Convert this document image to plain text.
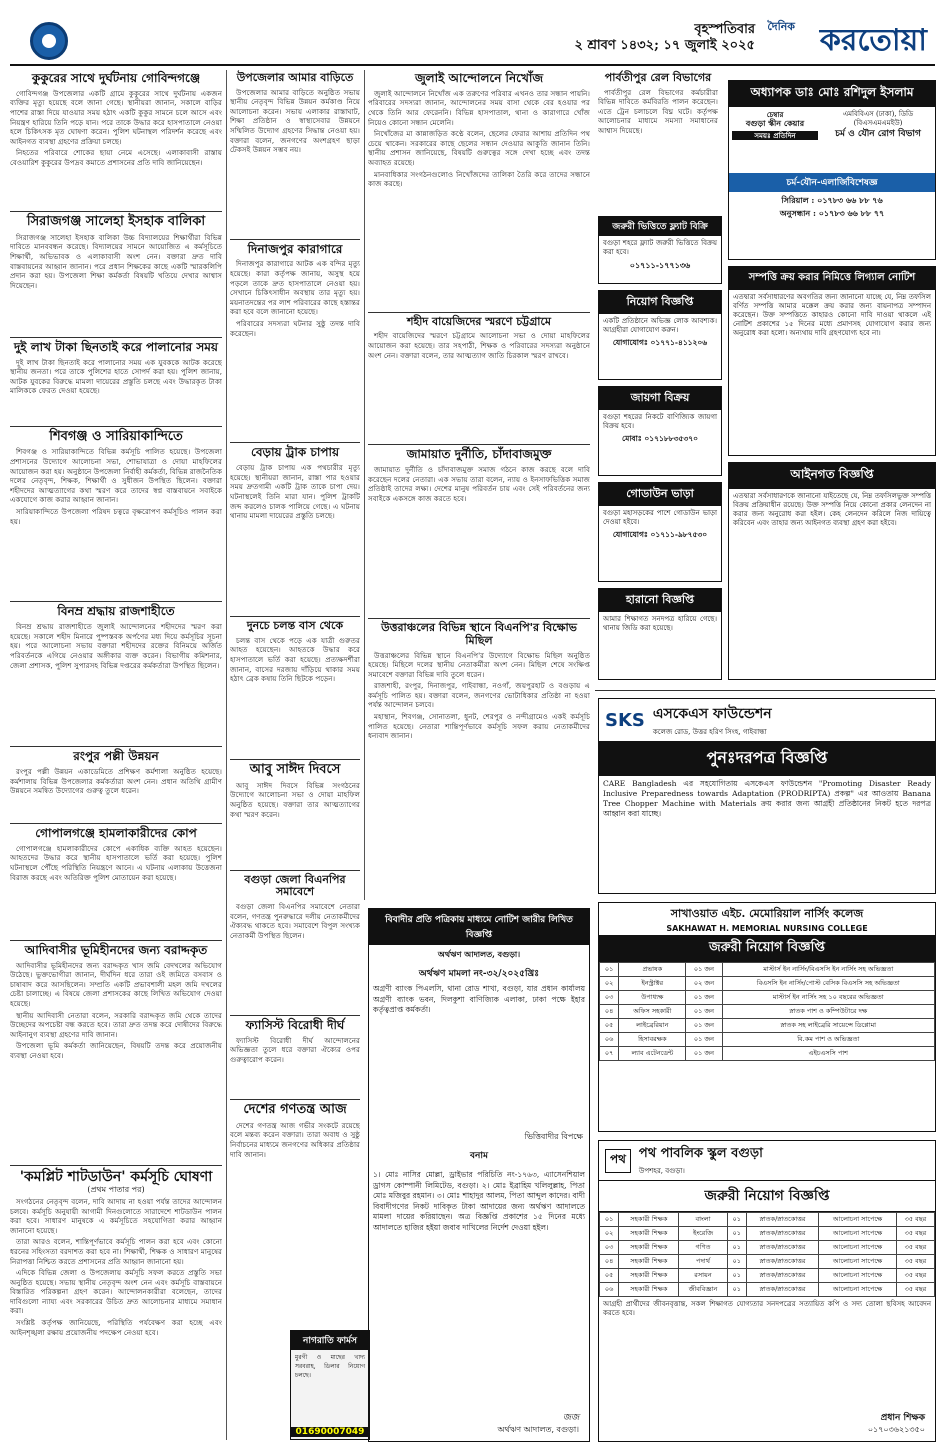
দৈনিক করতোয়া
বৃহস্পতিবার
২ শ্রাবণ ১৪৩২; ১৭ জুলাই ২০২৫
কুকুরের সাথে দুর্ঘটনায় গোবিন্দগঞ্জে

গোবিন্দগঞ্জ উপজেলার একটি গ্রামে কুকুরের সাথে দুর্ঘটনায় একজন ব্যক্তির মৃত্যু হয়েছে বলে জানা গেছে। স্থানীয়রা জানান, সকালে বাড়ির পাশের রাস্তা দিয়ে যাওয়ার সময় হঠাৎ একটি কুকুর সামনে চলে আসে এবং নিয়ন্ত্রণ হারিয়ে তিনি পড়ে যান। পরে তাকে উদ্ধার করে হাসপাতালে নেওয়া হলে চিকিৎসক মৃত ঘোষণা করেন। পুলিশ ঘটনাস্থল পরিদর্শন করেছে এবং আইনগত ব্যবস্থা গ্রহণের প্রক্রিয়া চলছে।

নিহতের পরিবারে শোকের ছায়া নেমে এসেছে। এলাকাবাসী রাস্তায় বেওয়ারিশ কুকুরের উপদ্রব কমাতে প্রশাসনের প্রতি দাবি জানিয়েছেন।

সিরাজগঞ্জ সালেহা ইসহাক বালিকা

সিরাজগঞ্জ সালেহা ইসহাক বালিকা উচ্চ বিদ্যালয়ের শিক্ষার্থীরা বিভিন্ন দাবিতে মানববন্ধন করেছে। বিদ্যালয়ের সামনে আয়োজিত এ কর্মসূচিতে শিক্ষার্থী, অভিভাবক ও এলাকাবাসী অংশ নেন। বক্তারা দ্রুত দাবি বাস্তবায়নের আহ্বান জানান। পরে প্রধান শিক্ষকের কাছে একটি স্মারকলিপি প্রদান করা হয়। উপজেলা শিক্ষা কর্মকর্তা বিষয়টি খতিয়ে দেখার আশ্বাস দিয়েছেন।

দুই লাখ টাকা ছিনতাই করে পালানোর সময়

দুই লাখ টাকা ছিনতাই করে পালানোর সময় এক যুবককে আটক করেছে স্থানীয় জনতা। পরে তাকে পুলিশের হাতে সোপর্দ করা হয়। পুলিশ জানায়, আটক যুবকের বিরুদ্ধে মামলা দায়েরের প্রস্তুতি চলছে এবং উদ্ধারকৃত টাকা মালিককে ফেরত দেওয়া হয়েছে।

শিবগঞ্জ ও সারিয়াকান্দিতে

শিবগঞ্জ ও সারিয়াকান্দিতে বিভিন্ন কর্মসূচি পালিত হয়েছে। উপজেলা প্রশাসনের উদ্যোগে আলোচনা সভা, শোভাযাত্রা ও দোয়া মাহফিলের আয়োজন করা হয়। অনুষ্ঠানে উপজেলা নির্বাহী কর্মকর্তা, বিভিন্ন রাজনৈতিক দলের নেতৃবৃন্দ, শিক্ষক, শিক্ষার্থী ও সুধীজন উপস্থিত ছিলেন। বক্তারা শহীদদের আত্মত্যাগের কথা স্মরণ করে তাদের স্বপ্ন বাস্তবায়নে সবাইকে একযোগে কাজ করার আহ্বান জানান।

সারিয়াকান্দিতে উপজেলা পরিষদ চত্বরে বৃক্ষরোপণ কর্মসূচিও পালন করা হয়।

বিনম্র শ্রদ্ধায় রাজশাহীতে

বিনম্র শ্রদ্ধায় রাজশাহীতে জুলাই আন্দোলনের শহীদদের স্মরণ করা হয়েছে। সকালে শহীদ মিনারে পুষ্পস্তবক অর্পণের মধ্য দিয়ে কর্মসূচির সূচনা হয়। পরে আলোচনা সভায় বক্তারা শহীদদের রক্তের বিনিময়ে অর্জিত পরিবর্তনকে এগিয়ে নেওয়ার অঙ্গীকার ব্যক্ত করেন। বিভাগীয় কমিশনার, জেলা প্রশাসক, পুলিশ সুপারসহ বিভিন্ন দপ্তরের কর্মকর্তারা উপস্থিত ছিলেন।

রংপুর পল্লী উন্নয়ন

রংপুর পল্লী উন্নয়ন একাডেমিতে প্রশিক্ষণ কর্মশালা অনুষ্ঠিত হয়েছে। কর্মশালায় বিভিন্ন উপজেলার কর্মকর্তারা অংশ নেন। প্রধান অতিথি গ্রামীণ উন্নয়নে সমন্বিত উদ্যোগের গুরুত্ব তুলে ধরেন।

গোপালগঞ্জে হামলাকারীদের কোপ

গোপালগঞ্জে হামলাকারীদের কোপে একাধিক ব্যক্তি আহত হয়েছেন। আহতদের উদ্ধার করে স্থানীয় হাসপাতালে ভর্তি করা হয়েছে। পুলিশ ঘটনাস্থলে পৌঁছে পরিস্থিতি নিয়ন্ত্রণে আনে। এ ঘটনায় এলাকায় উত্তেজনা বিরাজ করছে এবং অতিরিক্ত পুলিশ মোতায়েন করা হয়েছে।

আদিবাসীর ভূমিহীনদের জন্য বরাদ্দকৃত

আদিবাসীর ভূমিহীনদের জন্য বরাদ্দকৃত খাস জমি বেদখলের অভিযোগ উঠেছে। ভুক্তভোগীরা জানান, দীর্ঘদিন ধরে তারা ওই জমিতে বসবাস ও চাষাবাদ করে আসছিলেন। সম্প্রতি একটি প্রভাবশালী মহল জমি দখলের চেষ্টা চালাচ্ছে। এ বিষয়ে জেলা প্রশাসকের কাছে লিখিত অভিযোগ দেওয়া হয়েছে।

স্থানীয় আদিবাসী নেতারা বলেন, সরকারি বরাদ্দকৃত জমি থেকে তাদের উচ্ছেদের অপচেষ্টা বন্ধ করতে হবে। তারা দ্রুত তদন্ত করে দোষীদের বিরুদ্ধে আইনানুগ ব্যবস্থা গ্রহণের দাবি জানান।

উপজেলা ভূমি কর্মকর্তা জানিয়েছেন, বিষয়টি তদন্ত করে প্রয়োজনীয় ব্যবস্থা নেওয়া হবে।

'কমপ্লিট শাটডাউন' কর্মসূচি ঘোষণা
(প্রথম পাতার পর)

সংগঠনের নেতৃবৃন্দ বলেন, দাবি আদায় না হওয়া পর্যন্ত তাদের আন্দোলন চলবে। কর্মসূচি অনুযায়ী আগামী দিনগুলোতে সারাদেশে শাটডাউন পালন করা হবে। সাধারণ মানুষকে এ কর্মসূচিতে সহযোগিতা করার আহ্বান জানানো হয়েছে।

তারা আরও বলেন, শান্তিপূর্ণভাবে কর্মসূচি পালন করা হবে এবং কোনো ধরনের সহিংসতা বরদাশত করা হবে না। শিক্ষার্থী, শিক্ষক ও সাধারণ মানুষের নিরাপত্তা নিশ্চিত করতে প্রশাসনের প্রতি আহ্বান জানানো হয়।

এদিকে বিভিন্ন জেলা ও উপজেলায় কর্মসূচি সফল করতে প্রস্তুতি সভা অনুষ্ঠিত হয়েছে। সভায় স্থানীয় নেতৃবৃন্দ অংশ নেন এবং কর্মসূচি বাস্তবায়নে বিস্তারিত পরিকল্পনা গ্রহণ করেন। আন্দোলনকারীরা বলেছেন, তাদের দাবিগুলো ন্যায্য এবং সরকারের উচিত দ্রুত আলোচনার মাধ্যমে সমাধান করা।

সংশ্লিষ্ট কর্তৃপক্ষ জানিয়েছে, পরিস্থিতি পর্যবেক্ষণ করা হচ্ছে এবং আইনশৃঙ্খলা রক্ষায় প্রয়োজনীয় পদক্ষেপ নেওয়া হবে।

উপজেলার আমার বাড়িতে

উপজেলার আমার বাড়িতে অনুষ্ঠিত সভায় স্থানীয় নেতৃবৃন্দ বিভিন্ন উন্নয়ন কর্মকাণ্ড নিয়ে আলোচনা করেন। সভায় এলাকার রাস্তাঘাট, শিক্ষা প্রতিষ্ঠান ও স্বাস্থ্যসেবার উন্নয়নে সম্মিলিত উদ্যোগ গ্রহণের সিদ্ধান্ত নেওয়া হয়। বক্তারা বলেন, জনগণের অংশগ্রহণ ছাড়া টেকসই উন্নয়ন সম্ভব নয়।

দিনাজপুর কারাগারে

দিনাজপুর কারাগারে আটক এক বন্দির মৃত্যু হয়েছে। কারা কর্তৃপক্ষ জানায়, অসুস্থ হয়ে পড়লে তাকে দ্রুত হাসপাতালে নেওয়া হয়। সেখানে চিকিৎসাধীন অবস্থায় তার মৃত্যু হয়। ময়নাতদন্তের পর লাশ পরিবারের কাছে হস্তান্তর করা হবে বলে জানানো হয়েছে।

পরিবারের সদস্যরা ঘটনার সুষ্ঠু তদন্ত দাবি করেছেন।

বেড়ায় ট্রাক চাপায়

বেড়ায় ট্রাক চাপায় এক পথচারীর মৃত্যু হয়েছে। স্থানীয়রা জানান, রাস্তা পার হওয়ার সময় দ্রুতগামী একটি ট্রাক তাকে চাপা দেয়। ঘটনাস্থলেই তিনি মারা যান। পুলিশ ট্রাকটি জব্দ করলেও চালক পালিয়ে গেছে। এ ঘটনায় থানায় মামলা দায়েরের প্রস্তুতি চলছে।

দুনচে চলন্ত বাস থেকে

চলন্ত বাস থেকে পড়ে এক যাত্রী গুরুতর আহত হয়েছেন। আহতকে উদ্ধার করে হাসপাতালে ভর্তি করা হয়েছে। প্রত্যক্ষদর্শীরা জানান, বাসের দরজায় দাঁড়িয়ে থাকার সময় হঠাৎ ব্রেক কষায় তিনি ছিটকে পড়েন।

আবু সাঈদ দিবসে

আবু সাঈদ দিবসে বিভিন্ন সংগঠনের উদ্যোগে আলোচনা সভা ও দোয়া মাহফিল অনুষ্ঠিত হয়েছে। বক্তারা তার আত্মত্যাগের কথা স্মরণ করেন।

বগুড়া জেলা বিএনপির সমাবেশে

বগুড়া জেলা বিএনপির সমাবেশে নেতারা বলেন, গণতন্ত্র পুনরুদ্ধারে দলীয় নেতাকর্মীদের ঐক্যবদ্ধ থাকতে হবে। সমাবেশে বিপুল সংখ্যক নেতাকর্মী উপস্থিত ছিলেন।

ফ্যাসিস্ট বিরোধী দীর্ঘ

ফ্যাসিস্ট বিরোধী দীর্ঘ আন্দোলনের অভিজ্ঞতা তুলে ধরে বক্তারা ঐক্যের ওপর গুরুত্বারোপ করেন।

দেশের গণতন্ত্র আজ

দেশের গণতন্ত্র আজ গভীর সংকটে রয়েছে বলে মন্তব্য করেন বক্তারা। তারা অবাধ ও সুষ্ঠু নির্বাচনের মাধ্যমে জনগণের অধিকার প্রতিষ্ঠার দাবি জানান।

নাগরাতি ফার্মস
মুরগী ও মাছের খাদ্য সরবরাহ, ডিলার নিয়োগ চলছে।
01690007049
জুলাই আন্দোলনে নিখোঁজ

জুলাই আন্দোলনে নিখোঁজ এক তরুণের পরিবার এখনও তার সন্ধান পায়নি। পরিবারের সদস্যরা জানান, আন্দোলনের সময় বাসা থেকে বের হওয়ার পর থেকে তিনি আর ফেরেননি। বিভিন্ন হাসপাতাল, থানা ও কারাগারে খোঁজ নিয়েও কোনো সন্ধান মেলেনি।

নিখোঁজের মা কান্নাজড়িত কণ্ঠে বলেন, ছেলের ফেরার আশায় প্রতিদিন পথ চেয়ে থাকেন। সরকারের কাছে ছেলের সন্ধান দেওয়ার আকুতি জানান তিনি। স্থানীয় প্রশাসন জানিয়েছে, বিষয়টি গুরুত্বের সঙ্গে দেখা হচ্ছে এবং তদন্ত অব্যাহত রয়েছে।

মানবাধিকার সংগঠনগুলোও নিখোঁজদের তালিকা তৈরি করে তাদের সন্ধানে কাজ করছে।

শহীদ বায়েজিদের স্মরণে চট্টগ্রামে

শহীদ বায়েজিদের স্মরণে চট্টগ্রামে আলোচনা সভা ও দোয়া মাহফিলের আয়োজন করা হয়েছে। তার সহপাঠী, শিক্ষক ও পরিবারের সদস্যরা অনুষ্ঠানে অংশ নেন। বক্তারা বলেন, তার আত্মত্যাগ জাতি চিরকাল স্মরণ রাখবে।

জামায়াত দুর্নীতি, চাঁদাবাজমুক্ত

জামায়াত দুর্নীতি ও চাঁদাবাজমুক্ত সমাজ গঠনে কাজ করছে বলে দাবি করেছেন দলের নেতারা। এক সভায় তারা বলেন, ন্যায় ও ইনসাফভিত্তিক সমাজ প্রতিষ্ঠাই তাদের লক্ষ্য। দেশের মানুষ পরিবর্তন চায় এবং সেই পরিবর্তনের জন্য সবাইকে একসঙ্গে কাজ করতে হবে।

উত্তরাঞ্চলের বিভিন্ন স্থানে বিএনপি'র বিক্ষোভ মিছিল

উত্তরাঞ্চলের বিভিন্ন স্থানে বিএনপি'র উদ্যোগে বিক্ষোভ মিছিল অনুষ্ঠিত হয়েছে। মিছিলে দলের স্থানীয় নেতাকর্মীরা অংশ নেন। মিছিল শেষে সংক্ষিপ্ত সমাবেশে বক্তারা বিভিন্ন দাবি তুলে ধরেন।

রাজশাহী, রংপুর, দিনাজপুর, গাইবান্ধা, নওগাঁ, জয়পুরহাট ও বগুড়ায় এ কর্মসূচি পালিত হয়। বক্তারা বলেন, জনগণের ভোটাধিকার প্রতিষ্ঠা না হওয়া পর্যন্ত আন্দোলন চলবে।

মহাস্থান, শিবগঞ্জ, সোনাতলা, ধুনট, শেরপুর ও নন্দীগ্রামেও একই কর্মসূচি পালিত হয়েছে। নেতারা শান্তিপূর্ণভাবে কর্মসূচি সফল করায় নেতাকর্মীদের ধন্যবাদ জানান।

পার্বতীপুর রেল বিভাগের

পার্বতীপুর রেল বিভাগের কর্মচারীরা বিভিন্ন দাবিতে কর্মবিরতি পালন করেছেন। এতে ট্রেন চলাচলে বিঘ্ন ঘটে। কর্তৃপক্ষ আলোচনার মাধ্যমে সমস্যা সমাধানের আশ্বাস দিয়েছে।

অধ্যাপক ডাঃ মোঃ রশিদুল ইসলাম
চেম্বার
বগুড়া স্কীন কেয়ার
সময়ঃ প্রতিদিন
এমবিবিএস (ঢাকা), ডিডি (বিএসএমএমইউ)
চর্ম ও যৌন রোগ বিভাগ
চর্ম-যৌন-এলার্জিবিশেষজ্ঞ
সিরিয়াল : ০১৭৮৩ ৬৬ ৮৮ ৭৬
অনুসন্ধান : ০১৭৮৩ ৬৬ ৮৮ ৭৭
জরুরী ভিত্তিতে ফ্ল্যাট বিক্রি
বগুড়া শহরে ফ্ল্যাট জরুরী ভিত্তিতে বিক্রয় করা হবে।
০১৭১১-১৭৭১৩৬
নিয়োগ বিজ্ঞপ্তি
একটি প্রতিষ্ঠানে অভিজ্ঞ লোক আবশ্যক। আগ্রহীরা যোগাযোগ করুন।
যোগাযোগঃ ০১৭৭১-৪১১২০৬
জায়গা বিক্রয়
বগুড়া শহরের নিকটে বাণিজ্যিক জায়গা বিক্রয় হবে।
মোবাঃ ০১৭১৮৮৩৫৩৭০
গোডাউন ভাড়া
বগুড়া মহাসড়কের পাশে গোডাউন ভাড়া দেওয়া হইবে।
যোগাযোগঃ ০১৭১১-৯৮৭৫৩০
হারানো বিজ্ঞপ্তি
আমার শিক্ষাগত সনদপত্র হারিয়ে গেছে। থানায় জিডি করা হয়েছে।
সম্পত্তি ক্রয় করার নিমিত্তে লিগ্যাল নোটিশ
এতদ্বারা সর্বসাধারণের অবগতির জন্য জানানো যাচ্ছে যে, নিম্ন তফসিল বর্ণিত সম্পত্তি আমার মক্কেল ক্রয় করার জন্য বায়নাপত্র সম্পাদন করেছেন। উক্ত সম্পত্তিতে কাহারও কোনো দাবি দাওয়া থাকলে এই নোটিশ প্রকাশের ১৫ দিনের মধ্যে প্রমাণসহ যোগাযোগ করার জন্য অনুরোধ করা হলো। অন্যথায় দাবি গ্রহণযোগ্য হবে না।
আইনগত বিজ্ঞপ্তি
এতদ্বারা সর্বসাধারণকে জানানো যাইতেছে যে, নিম্ন তফসিলভুক্ত সম্পত্তি বিক্রয় প্রক্রিয়াধীন রয়েছে। উক্ত সম্পত্তি নিয়ে কোনো প্রকার লেনদেন না করার জন্য অনুরোধ করা হইল। কেহ লেনদেন করিলে নিজ দায়িত্বে করিবেন এবং তাহার জন্য আইনগত ব্যবস্থা গ্রহণ করা হইবে।
SKS এসকেএস ফাউন্ডেশন
কলেজ রোড, উত্তর হরিণ সিংহ, গাইবান্ধা
পুনঃদরপত্র বিজ্ঞপ্তি
CARE Bangladesh এর সহযোগিতায় এসকেএস ফাউন্ডেশন "Promoting Disaster Ready Inclusive Preparedness towards Adaptation (PRODRIPTA) প্রকল্প" এর আওতায় Banana Tree Chopper Machine with Materials ক্রয় করার জন্য আগ্রহী প্রতিষ্ঠানের নিকট হতে দরপত্র আহ্বান করা যাচ্ছে।
বিবাদীর প্রতি পত্রিকায় মাধ্যমে নোটিশ জারীর লিখিত বিজ্ঞপ্তি
অর্থঋণ আদালত, বগুড়া।
অর্থঋণ মামলা নং-৩২/২০২৫খ্রিঃ
অগ্রণী ব্যাংক পিএলসি, থানা রোড শাখা, বগুড়া, যার প্রধান কার্যালয় অগ্রণী ব্যাংক ভবন, দিলকুশা বাণিজ্যিক এলাকা, ঢাকা পক্ষে ইহার কর্তৃত্বপ্রাপ্ত কর্মকর্তা।
ভিত্তিবাদীর বিপক্ষে
বনাম
১। মোঃ নাসির মোল্লা, ড্রাইভার পরিচিতি নং-১৭৬৩, এ্যাসেনশিয়াল ড্রাগস কোম্পানী লিমিটেড, বগুড়া। ২। মোঃ ইব্রাহিম খলিলুল্লাহ, পিতা মোঃ মজিবুর রহমান। ৩। মোঃ শাহাদুর আলম, পিতা আব্দুল কাদের। বাদী বিবাদীগণের নিকট দাবিকৃত টাকা আদায়ের জন্য অর্থঋণ আদালতে মামলা দায়ের করিয়াছেন। অত্র বিজ্ঞপ্তি প্রকাশের ১৫ দিনের মধ্যে আদালতে হাজির হইয়া জবাব দাখিলের নির্দেশ দেওয়া হইল।
জজ
অর্থঋণ আদালত, বগুড়া।
সাখাওয়াত এইচ. মেমোরিয়াল নার্সিং কলেজ
SAKHAWAT H. MEMORIAL NURSING COLLEGE
জরুরী নিয়োগ বিজ্ঞপ্তি
০১	প্রভাষক	০১ জন	মাস্টার্স ইন নার্সিং/বিএসসি ইন নার্সিং সহ অভিজ্ঞতা
০২	ইনস্ট্রাক্টর	০২ জন	বিএসসি ইন নার্সিং/পোস্ট বেসিক বিএসসি সহ অভিজ্ঞতা
০৩	উপাধ্যক্ষ	০১ জন	মাস্টার্স ইন নার্সিং সহ ১০ বছরের অভিজ্ঞতা
০৪	অফিস সহকারী	০১ জন	স্নাতক পাশ ও কম্পিউটারে দক্ষ
০৫	লাইব্রেরিয়ান	০১ জন	স্নাতক সহ লাইব্রেরি সায়েন্সে ডিপ্লোমা
০৬	হিসাবরক্ষক	০১ জন	বি.কম পাশ ও অভিজ্ঞতা
০৭	ল্যাব এটেনডেন্ট	০১ জন	এইচএসসি পাশ
পথ	পথ পাবলিক স্কুল বগুড়া
উপশহর, বগুড়া।
জরুরী নিয়োগ বিজ্ঞপ্তি
০১	সহকারী শিক্ষক	বাংলা	০১	স্নাতক/স্নাতকোত্তর	আলোচনা সাপেক্ষে	৩৫ বছর
০২	সহকারী শিক্ষক	ইংরেজি	০১	স্নাতক/স্নাতকোত্তর	আলোচনা সাপেক্ষে	৩৫ বছর
০৩	সহকারী শিক্ষক	গণিত	০১	স্নাতক/স্নাতকোত্তর	আলোচনা সাপেক্ষে	৩৫ বছর
০৪	সহকারী শিক্ষক	পদার্থ	০১	স্নাতক/স্নাতকোত্তর	আলোচনা সাপেক্ষে	৩৫ বছর
০৫	সহকারী শিক্ষক	রসায়ন	০১	স্নাতক/স্নাতকোত্তর	আলোচনা সাপেক্ষে	৩৫ বছর
০৬	সহকারী শিক্ষক	জীববিজ্ঞান	০১	স্নাতক/স্নাতকোত্তর	আলোচনা সাপেক্ষে	৩৫ বছর
আগ্রহী প্রার্থীদের জীবনবৃত্তান্ত, সকল শিক্ষাগত যোগ্যতার সনদপত্রের সত্যায়িত কপি ও সদ্য তোলা ছবিসহ আবেদন করতে হবে।
প্রধান শিক্ষক
০১৭০৩৬২১৩৫০
